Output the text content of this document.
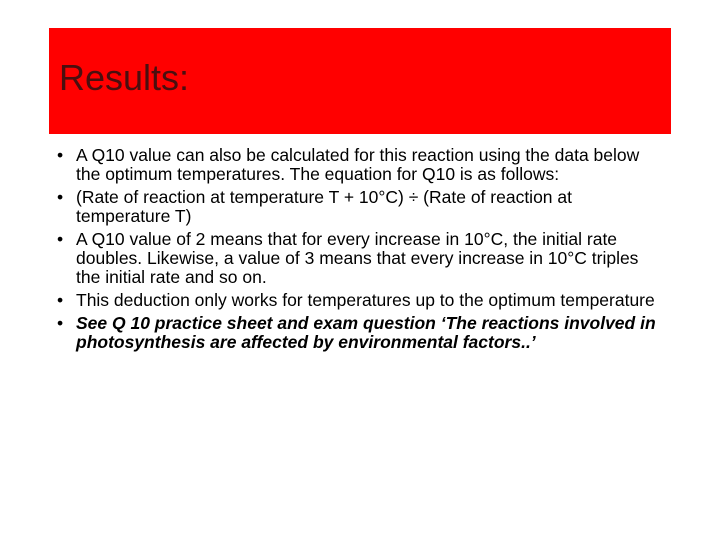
Results:
• A Q10 value can also be calculated for this reaction using the data below the optimum temperatures. The equation for Q10 is as follows:
• (Rate of reaction at temperature T + 10°C) ÷ (Rate of reaction at temperature T)
• A Q10 value of 2 means that for every increase in 10°C, the initial rate doubles. Likewise, a value of 3 means that every increase in 10°C triples the initial rate and so on.
• This deduction only works for temperatures up to the optimum temperature
• See Q 10 practice sheet and exam question ‘The reactions involved in photosynthesis are affected by environmental factors..’
